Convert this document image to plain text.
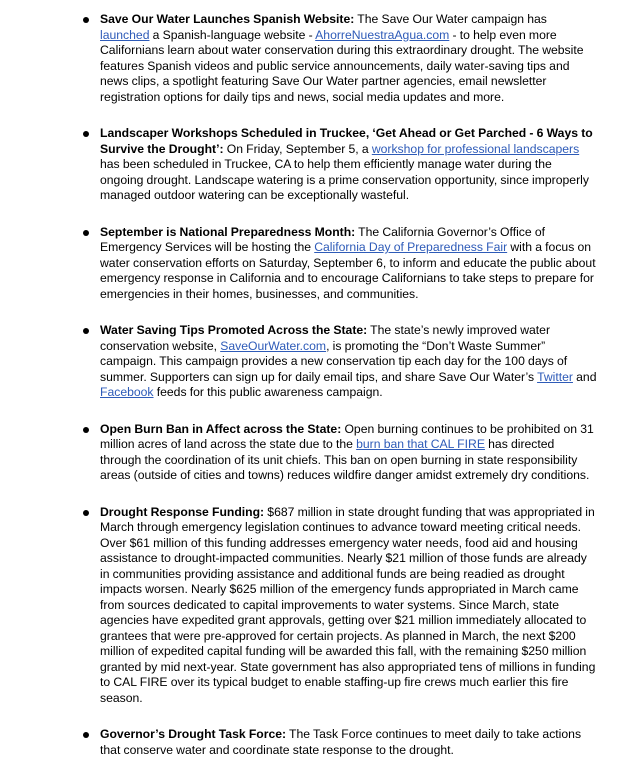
Save Our Water Launches Spanish Website: The Save Our Water campaign has launched a Spanish-language website - AhorreNuestraAgua.com - to help even more Californians learn about water conservation during this extraordinary drought. The website features Spanish videos and public service announcements, daily water-saving tips and news clips, a spotlight featuring Save Our Water partner agencies, email newsletter registration options for daily tips and news, social media updates and more.

Landscaper Workshops Scheduled in Truckee, ‘Get Ahead or Get Parched - 6 Ways to Survive the Drought’: On Friday, September 5, a workshop for professional landscapers has been scheduled in Truckee, CA to help them efficiently manage water during the ongoing drought. Landscape watering is a prime conservation opportunity, since improperly managed outdoor watering can be exceptionally wasteful.

September is National Preparedness Month: The California Governor’s Office of Emergency Services will be hosting the California Day of Preparedness Fair with a focus on water conservation efforts on Saturday, September 6, to inform and educate the public about emergency response in California and to encourage Californians to take steps to prepare for emergencies in their homes, businesses, and communities.

Water Saving Tips Promoted Across the State: The state’s newly improved water conservation website, SaveOurWater.com, is promoting the “Don’t Waste Summer” campaign. This campaign provides a new conservation tip each day for the 100 days of summer. Supporters can sign up for daily email tips, and share Save Our Water’s Twitter and Facebook feeds for this public awareness campaign.

Open Burn Ban in Affect across the State: Open burning continues to be prohibited on 31 million acres of land across the state due to the burn ban that CAL FIRE has directed through the coordination of its unit chiefs. This ban on open burning in state responsibility areas (outside of cities and towns) reduces wildfire danger amidst extremely dry conditions.

Drought Response Funding: $687 million in state drought funding that was appropriated in March through emergency legislation continues to advance toward meeting critical needs. Over $61 million of this funding addresses emergency water needs, food aid and housing assistance to drought-impacted communities. Nearly $21 million of those funds are already in communities providing assistance and additional funds are being readied as drought impacts worsen. Nearly $625 million of the emergency funds appropriated in March came from sources dedicated to capital improvements to water systems. Since March, state agencies have expedited grant approvals, getting over $21 million immediately allocated to grantees that were pre-approved for certain projects. As planned in March, the next $200 million of expedited capital funding will be awarded this fall, with the remaining $250 million granted by mid next-year. State government has also appropriated tens of millions in funding to CAL FIRE over its typical budget to enable staffing-up fire crews much earlier this fire season.

Governor’s Drought Task Force: The Task Force continues to meet daily to take actions that conserve water and coordinate state response to the drought.
